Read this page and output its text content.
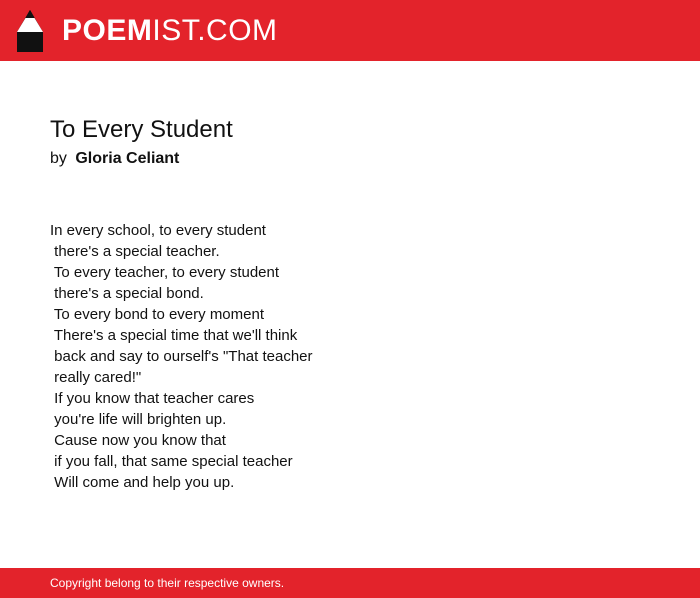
POEMIST.COM
To Every Student
by Gloria Celiant
In every school, to every student
there's a special teacher.
To every teacher, to every student
there's a special bond.
To every bond to every moment
There's a special time that we'll think
back and say to ourself's "That teacher
really cared!"
If you know that teacher cares
you're life will brighten up.
Cause now you know that
if you fall, that same special teacher
Will come and help you up.
Copyright belong to their respective owners.
